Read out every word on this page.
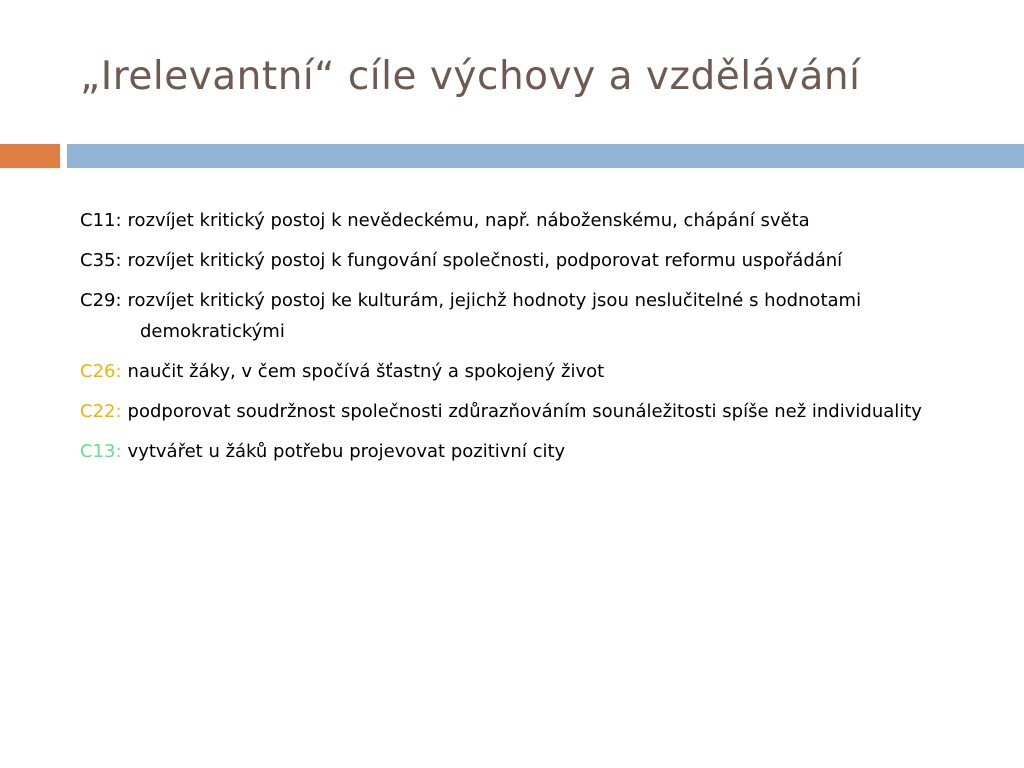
„Irelevantní“ cíle výchovy a vzdělávání
C11: rozvíjet kritický postoj k nevědeckému, např. náboženskému, chápání světa
C35: rozvíjet kritický postoj k fungování společnosti, podporovat reformu uspořádání
C29: rozvíjet kritický postoj ke kulturám, jejichž hodnoty jsou neslučitelné s hodnotami demokratickými
C26: naučit žáky, v čem spočívá šťastný a spokojený život
C22: podporovat soudržnost společnosti zdůrazňováním sounáležitosti spíše než individuality
C13: vytvářet u žáků potřebu projevovat pozitivní city
